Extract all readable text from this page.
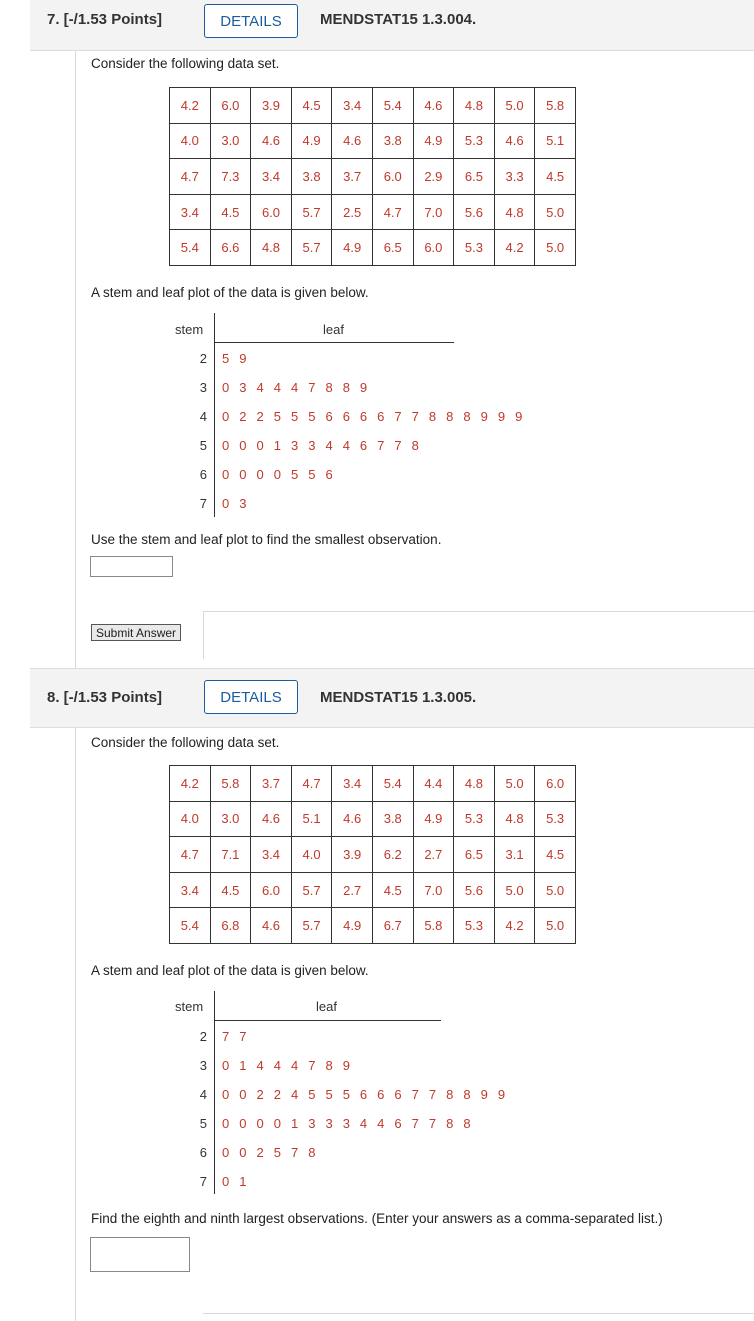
7. [-/1.53 Points]	DETAILS	MENDSTAT15 1.3.004.
Consider the following data set.
4.2	6.0	3.9	4.5	3.4	5.4	4.6	4.8	5.0	5.8
4.0	3.0	4.6	4.9	4.6	3.8	4.9	5.3	4.6	5.1
4.7	7.3	3.4	3.8	3.7	6.0	2.9	6.5	3.3	4.5
3.4	4.5	6.0	5.7	2.5	4.7	7.0	5.6	4.8	5.0
5.4	6.6	4.8	5.7	4.9	6.5	6.0	5.3	4.2	5.0
A stem and leaf plot of the data is given below.
stem	leaf
2 5 9
3 0 3 4 4 4 7 8 8 9
4 0 2 2 5 5 5 6 6 6 6 7 7 8 8 8 9 9 9
5 0 0 0 1 3 3 4 4 6 7 7 8
6 0 0 0 0 5 5 6
7 0 3
Use the stem and leaf plot to find the smallest observation.
Submit Answer
8. [-/1.53 Points]	DETAILS	MENDSTAT15 1.3.005.
Consider the following data set.
4.2	5.8	3.7	4.7	3.4	5.4	4.4	4.8	5.0	6.0
4.0	3.0	4.6	5.1	4.6	3.8	4.9	5.3	4.8	5.3
4.7	7.1	3.4	4.0	3.9	6.2	2.7	6.5	3.1	4.5
3.4	4.5	6.0	5.7	2.7	4.5	7.0	5.6	5.0	5.0
5.4	6.8	4.6	5.7	4.9	6.7	5.8	5.3	4.2	5.0
A stem and leaf plot of the data is given below.
stem	leaf
2 7 7
3 0 1 4 4 4 7 8 9
4 0 0 2 2 4 5 5 5 6 6 6 7 7 8 8 9 9
5 0 0 0 0 1 3 3 3 4 4 6 7 7 8 8
6 0 0 2 5 7 8
7 0 1
Find the eighth and ninth largest observations. (Enter your answers as a comma-separated list.)
